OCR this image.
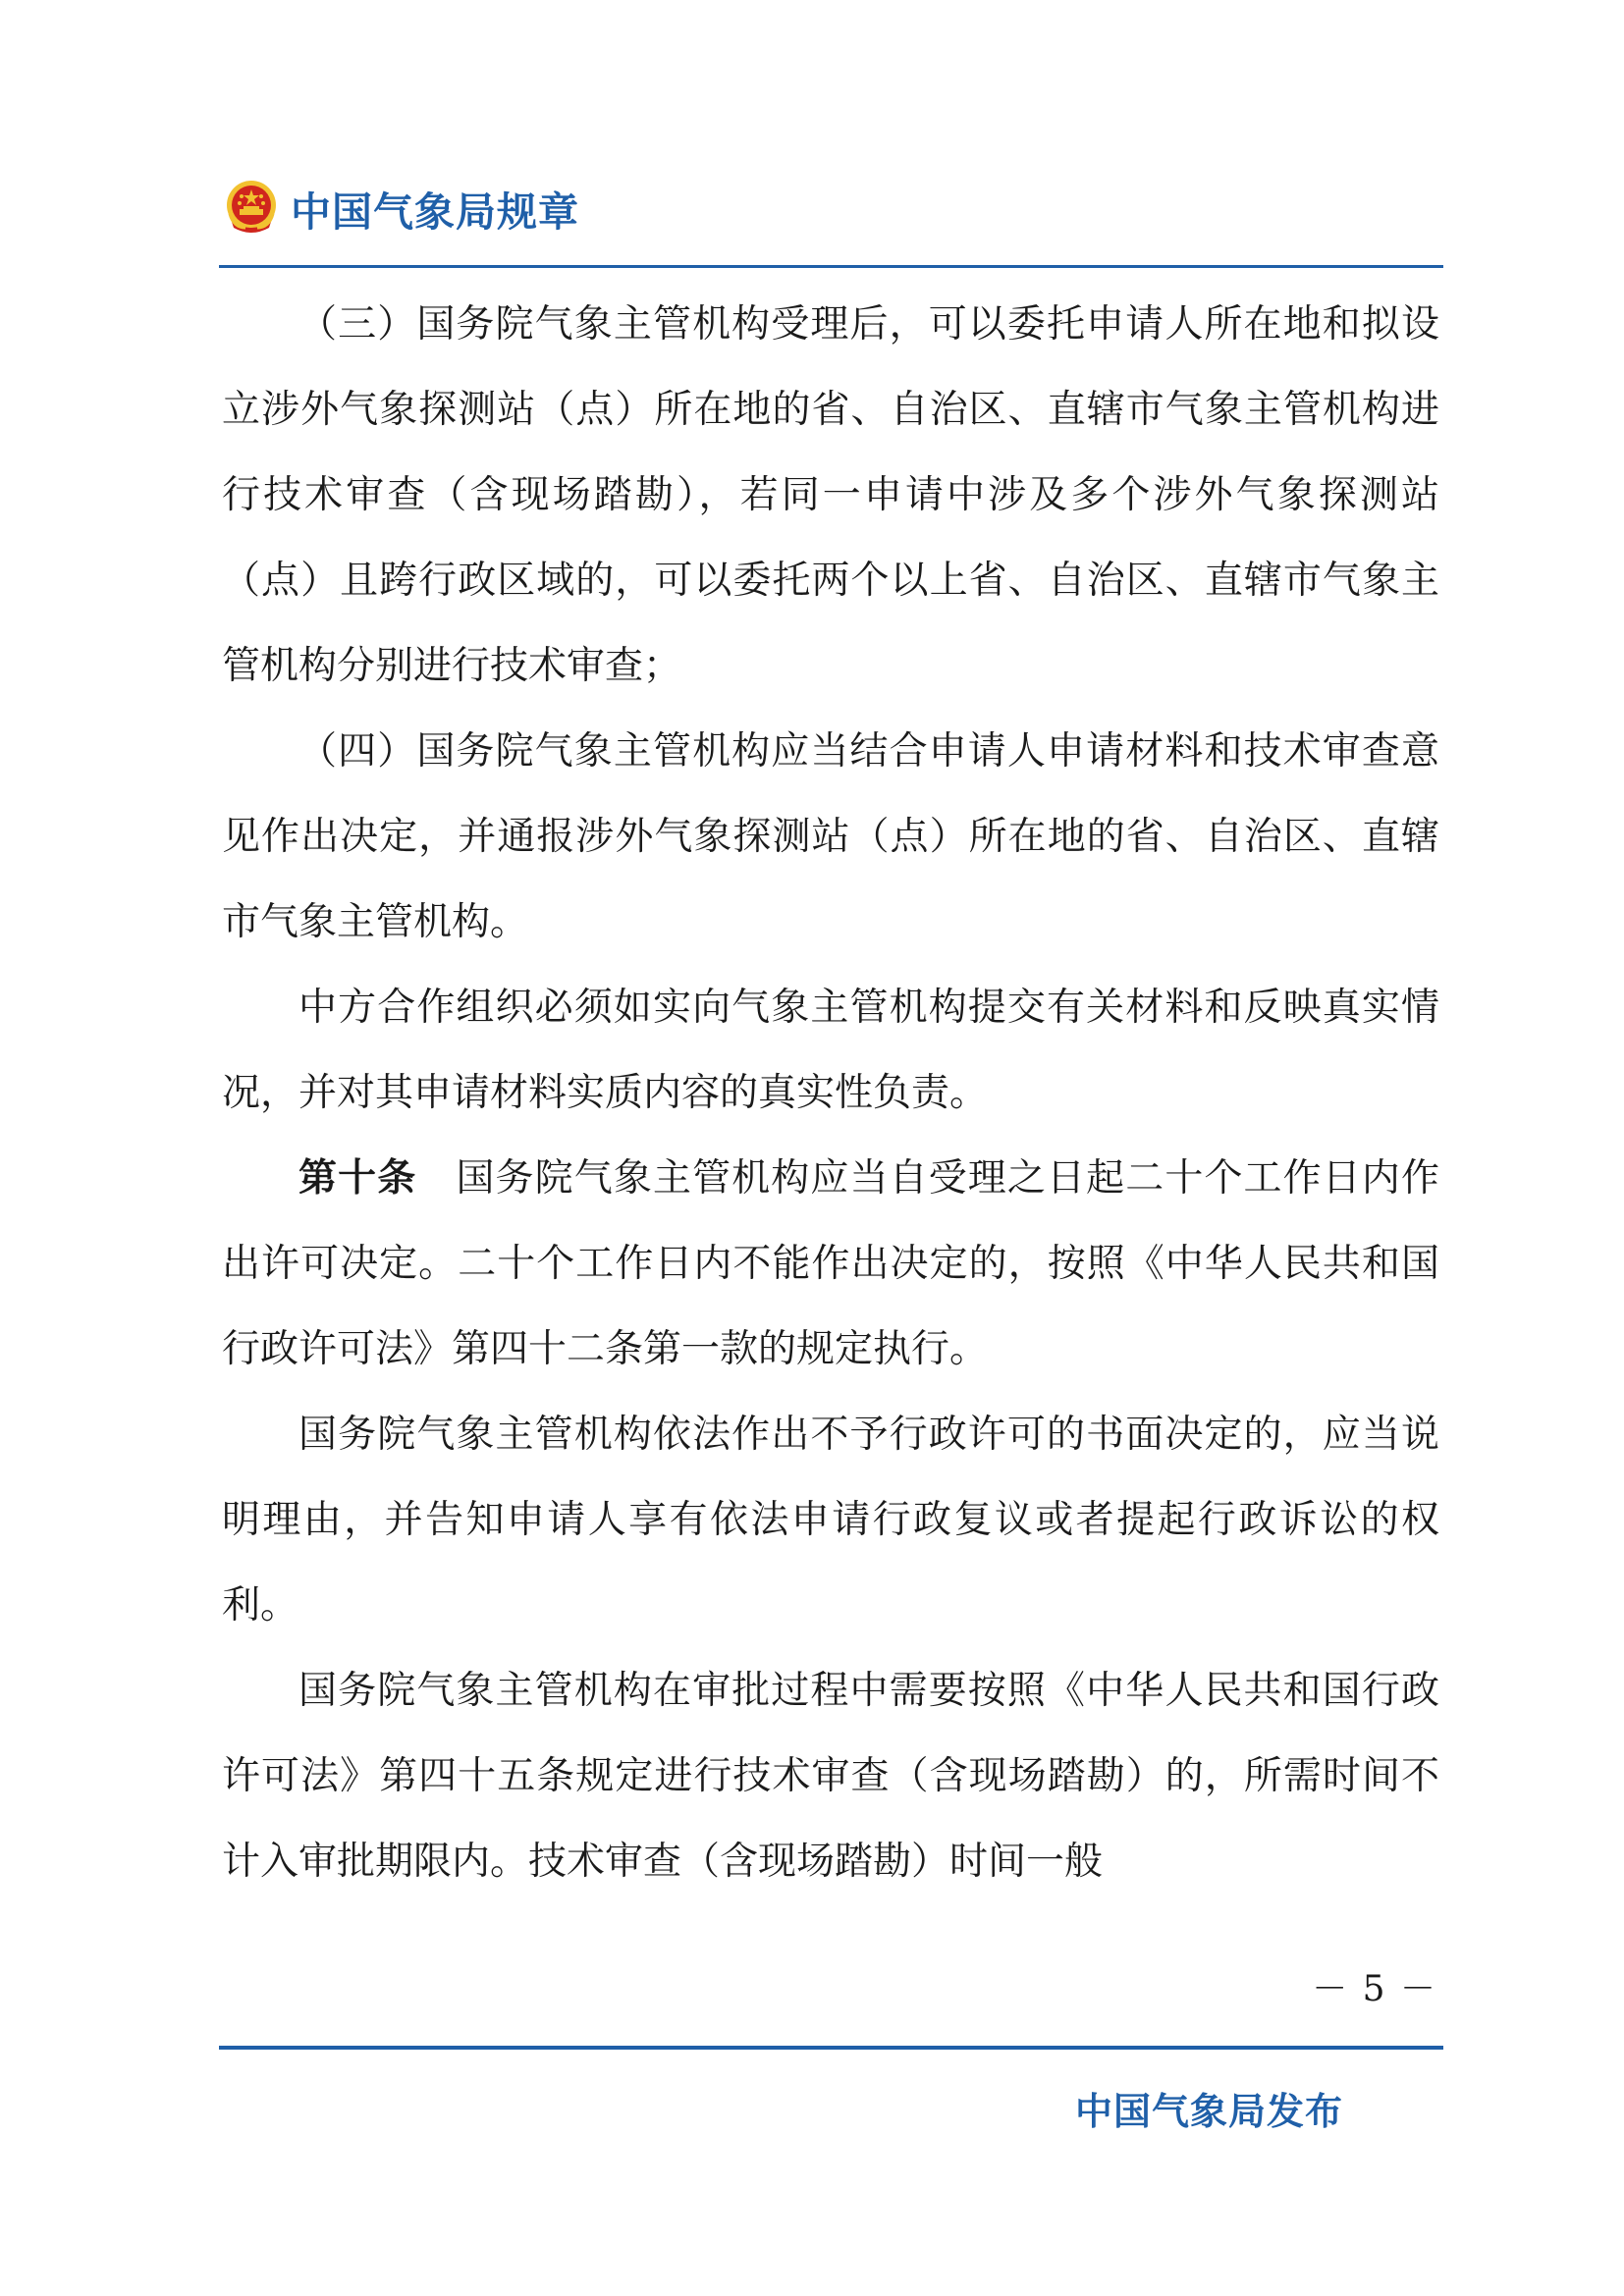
中国气象局规章

（三）国务院气象主管机构受理后，可以委托申请人所在地和拟设立涉外气象探测站（点）所在地的省、自治区、直辖市气象主管机构进行技术审查（含现场踏勘），若同一申请中涉及多个涉外气象探测站（点）且跨行政区域的，可以委托两个以上省、自治区、直辖市气象主管机构分别进行技术审查；

（四）国务院气象主管机构应当结合申请人申请材料和技术审查意见作出决定，并通报涉外气象探测站（点）所在地的省、自治区、直辖市气象主管机构。

中方合作组织必须如实向气象主管机构提交有关材料和反映真实情况，并对其申请材料实质内容的真实性负责。

第十条　 国务院气象主管机构应当自受理之日起二十个工作日内作出许可决定。二十个工作日内不能作出决定的，按照《中华人民共和国行政许可法》第四十二条第一款的规定执行。

国务院气象主管机构依法作出不予行政许可的书面决定的，应当说明理由，并告知申请人享有依法申请行政复议或者提起行政诉讼的权利。

国务院气象主管机构在审批过程中需要按照《中华人民共和国行政许可法》第四十五条规定进行技术审查（含现场踏勘）的，所需时间不计入审批期限内。技术审查（含现场踏勘）时间一般

－ 5 －
中国气象局发布
